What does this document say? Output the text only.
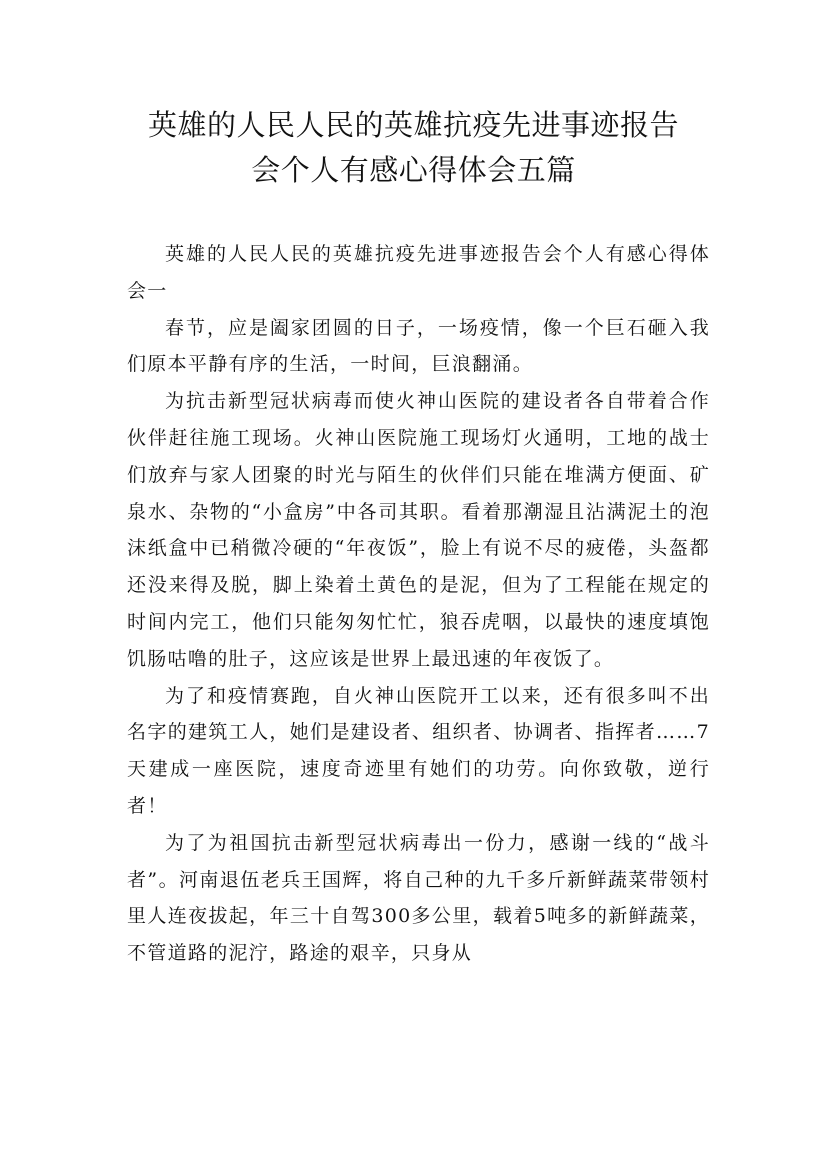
英雄的人民人民的英雄抗疫先进事迹报告
会个人有感心得体会五篇

英雄的人民人民的英雄抗疫先进事迹报告会个人有感心得体会一

春节，应是阖家团圆的日子，一场疫情，像一个巨石砸入我们原本平静有序的生活，一时间，巨浪翻涌。

为抗击新型冠状病毒而使火神山医院的建设者各自带着合作伙伴赶往施工现场。火神山医院施工现场灯火通明，工地的战士们放弃与家人团聚的时光与陌生的伙伴们只能在堆满方便面、矿泉水、杂物的“小盒房”中各司其职。看着那潮湿且沾满泥土的泡沫纸盒中已稍微冷硬的“年夜饭”，脸上有说不尽的疲倦，头盔都还没来得及脱，脚上染着土黄色的是泥，但为了工程能在规定的时间内完工，他们只能匆匆忙忙，狼吞虎咽，以最快的速度填饱饥肠咕噜的肚子，这应该是世界上最迅速的年夜饭了。

为了和疫情赛跑，自火神山医院开工以来，还有很多叫不出名字的建筑工人，她们是建设者、组织者、协调者、指挥者……7天建成一座医院，速度奇迹里有她们的功劳。向你致敬，逆行者！

为了为祖国抗击新型冠状病毒出一份力，感谢一线的“战斗者”。河南退伍老兵王国辉，将自己种的九千多斤新鲜蔬菜带领村里人连夜拔起，年三十自驾300多公里，载着5吨多的新鲜蔬菜，不管道路的泥泞，路途的艰辛，只身从
